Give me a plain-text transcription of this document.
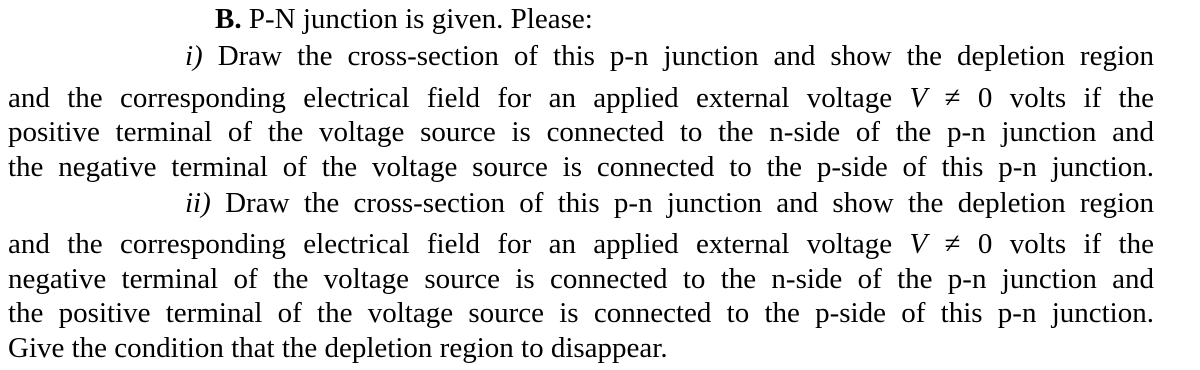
B. P-N junction is given. Please:
i) Draw the cross-section of this p-n junction and show the depletion region
and the corresponding electrical field for an applied external voltage V ≠ 0 volts if the
positive terminal of the voltage source is connected to the n-side of the p-n junction and
the negative terminal of the voltage source is connected to the p-side of this p-n junction.
ii) Draw the cross-section of this p-n junction and show the depletion region
and the corresponding electrical field for an applied external voltage V ≠ 0 volts if the
negative terminal of the voltage source is connected to the n-side of the p-n junction and
the positive terminal of the voltage source is connected to the p-side of this p-n junction.
Give the condition that the depletion region to disappear.
